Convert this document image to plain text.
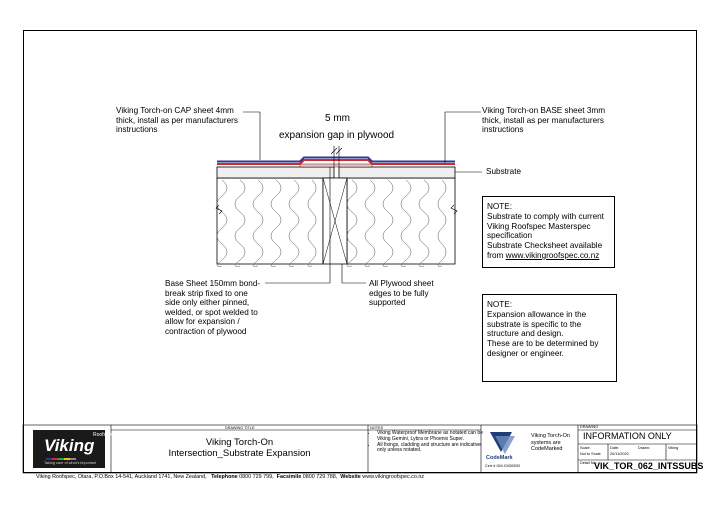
Viking Torch-on CAP sheet 4mm
thick, install as per manufacturers
instructions
Viking Torch-on BASE sheet 3mm
thick, install as per manufacturers
instructions
5 mm
expansion gap in plywood
Substrate
Base Sheet 150mm bond-
break strip fixed to one
side only either pinned,
welded, or spot welded to
allow for expansion /
contraction of plywood
All Plywood sheet
edges to be fully
supported
NOTE:
Substrate to comply with current
Viking Roofspec Masterspec
specification
Substrate Checksheet available
from www.vikingroofspec.co.nz
NOTE:
Expansion allowance in the
substrate is specific to the
structure and design.
These are to be determined by
designer or engineer.
Roofspec
Viking
Taking care of what's important
DRAWING TITLE
Viking Torch-On
Intersection_Substrate Expansion
NOTES
• Viking Waterproof Membrane as notated can be Viking Gemini, Lybra or Phoenix Super.
• All fixings, cladding and structure are indicative only unless notated.
CodeMark
Cert # GM-CM30092
Viking Torch-On
systems are
CodeMarked
DRAWING
INFORMATION ONLY
Scale:
Not to Scale
Date:
20/11/2020
Drawn:	Viking
Detail No:
VIK_TOR_062_INTSSUBS
Viking Roofspec, Otara, P.O.Box 14-541, Auckland 1741, New Zealand, Telephone 0800 729 799, Facsimile 0800 729 788, Website www.vikingroofspec.co.nz
